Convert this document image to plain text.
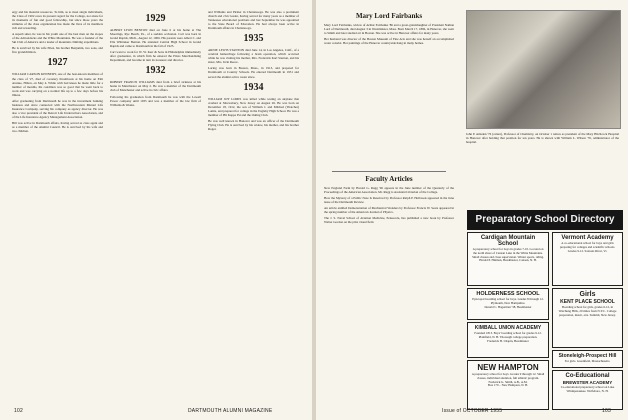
ergy and his material resources. To him, as to most single individuals, the Class of 1902 owes its present regard for the College, not alone for its moments of fun and good fellowship, but since those years the stimulus of the class organization has made the lives of its members rich and rewarding.

A superb skier, he was in his youth one of the best men on the slopes of the Adirondacks and the White Mountains. He was a founder of the Ski Club of America and a leader of mountain climbing expeditions.

He is survived by his wife Ellen, his brother Benjamin, two sons, and five grandchildren.

1927

WILLIAM CARSON KENNEDY, one of the best-known members of the class of '27, died of coronary thrombosis at his home on Elm Avenue, Hilton, on May 4. While with bad knees he made little for a number of months, his condition was so good that he went back to work and was carrying on a normal life up to a few days before his illness.

After graduating from Dartmouth he was in the investment banking business and since connected with the Northwestern Mutual Life Insurance Company, serving his company as agency director. He was also a vice president of the Detroit Life Underwriters Association, and of the Life Insurance Agency Management Association.

Bill was active in Dartmouth affairs, having served as class agent and as a member of the Alumni Council. He is survived by his wife and two children.

1929

ALBERT LYON BENTON died on June 6 at his home at The Moorings, Rye Beach, Pa., of a sudden occlusion. Carl was born in Grand Rapids, Mich., August 12, 1906. His parents were Albert C. and Ella Whittaker Benton. He attended Central High School in Grand Rapids and came to Dartmouth in the fall of 1925.

Carl went to work for W. W. Kerr & Sons in Philadelphia immediately after graduation, in which firm he entered the Pilots Merchandising Department, and became in turn its treasurer and director.

1932

ROBERT FRANCIS WILLIAMS died from a brief sickness at his home in Manchester on May 2. He was a member of the Dartmouth club of Manchester and active in civic affairs.

Following his graduation from Dartmouth he was with the Lowell Power company until 1935 and was a member of the law firm of Williams & Weeks.

and Williams and Pirmer in Chattanooga. He was also a prominent church and civic leader, having served for many years as a member of Tennessee educational positions and last September he was appointed to the State Board of Education. He had always been active in Dartmouth affairs in Chattanooga.

1935

ARNIE LEWIS STANTON died June 14, in Los Angeles, Calif., of a cerebral hemorrhage following a brain operation, which occurred while he was visiting his mother, Mrs. Frederick Karl Stanton, and his sister, Mrs. Irvin Reece.

Loring was born in Boston, Mass., in 1913, and prepared for Dartmouth at Country Schools. He entered Dartmouth in 1931 and served the alumni active roster since.

1934

WILLIAM JOY LOMIS was killed while testing an airplane that crashed at Shrewsbury, New Jersey on August 26. He was born on December 18, 1912, the son of William J. and Mildred (Thatcher) Lomis, and prepared for college in the Eagleby High School. He was a member of Phi Kappa Psi and the Outing Club.

He was well known in Hanover and was an officer of the Dartmouth Flying Club. He is survived by his widow, his mother, and his brother Roger.

102	DARTMOUTH ALUMNI MAGAZINE
Mary Lord Fairbanks

Mary Lord Fairbanks, widow of Arthur Fairbanks '86 and a great-granddaughter of President Nathan Lord of Dartmouth, died August 3 in Westminster, Mass. Born March 17, 1896, in Hanover, she went to Smith and later studied art in Boston. She was active in Hanover affairs for many years.

Her husband was director of the Boston Museum of Fine Arts and she was herself an accomplished water colorist. Her paintings of the Hanover countryside hang in many homes.

John P. Amsden '76 (center), Professor of Chemistry, on October 1 retires as president of the Mary Hitchcock Hospital in Hanover after holding that position for ten years. He is shown with William L. Wilson '76, administrator of the hospital.

Faculty Articles

New England Farm by Harold G. Rugg '06 appears in the June number of the Quarterly of the Proceedings of the American Association. Mr. Rugg is Assistant Librarian of the College.

How the Mystery of a Public Note Is Resolved by Professor Ralph P. Holbrook appeared in the June issue of the Dartmouth Review.

An article entitled Demonstration of Mechanical Wonders by Professor Francis W. Sears appeared in the spring number of the American Journal of Physics.

The J. S. Naval School of Aviation Medicine, Pensacola, has published a new book by Professor Walter Gordon on the pilot visual field.	Preparatory School Directory
Cardigan Mountain School
A preparatory school for boys in grades 7-10. Located on the north shore of Canaan Lake in the White Mountains. Small classes and close supervision. Winter sports, riding.
Harold P. Hinman, Headmaster, Canaan, N. H.
Vermont Academy
A co-educational school for boys and girls preparing for colleges and scientific schools. Grades 9-12. Saxtons River, Vt.
HOLDERNESS SCHOOL
Episcopal boarding school for boys. Grades 8 through 12. Plymouth, New Hampshire.
Donald C. Hagerman '38, Headmaster
Girls
KENT PLACE SCHOOL
Boarding school for girls, grades 6-12, in Watchung Hills, 20 miles from N.Y.C. College preparation, music, arts. Summit, New Jersey.
KIMBALL UNION ACADEMY
Founded 1813. Boys' boarding school for grades 9-12. Plainfield, N. H. Thorough college preparation.
Frederick H. Chapin, Headmaster
Stoneleigh-Prospect Hill
For girls. Greenfield, Massachusetts.
NEW HAMPTON
A preparatory school for boys. Grades 9 through 12. Small classes, individual attention, full athletic program.
Frederick G. Smith, A.B., A.M.
Box 170 – New Hampton, N. H.
Co-Educational
BREWSTER ACADEMY
Co-educational preparatory school on Lake Winnipesaukee. Wolfeboro, N. H.
Issue of OCTOBER 1955	103
